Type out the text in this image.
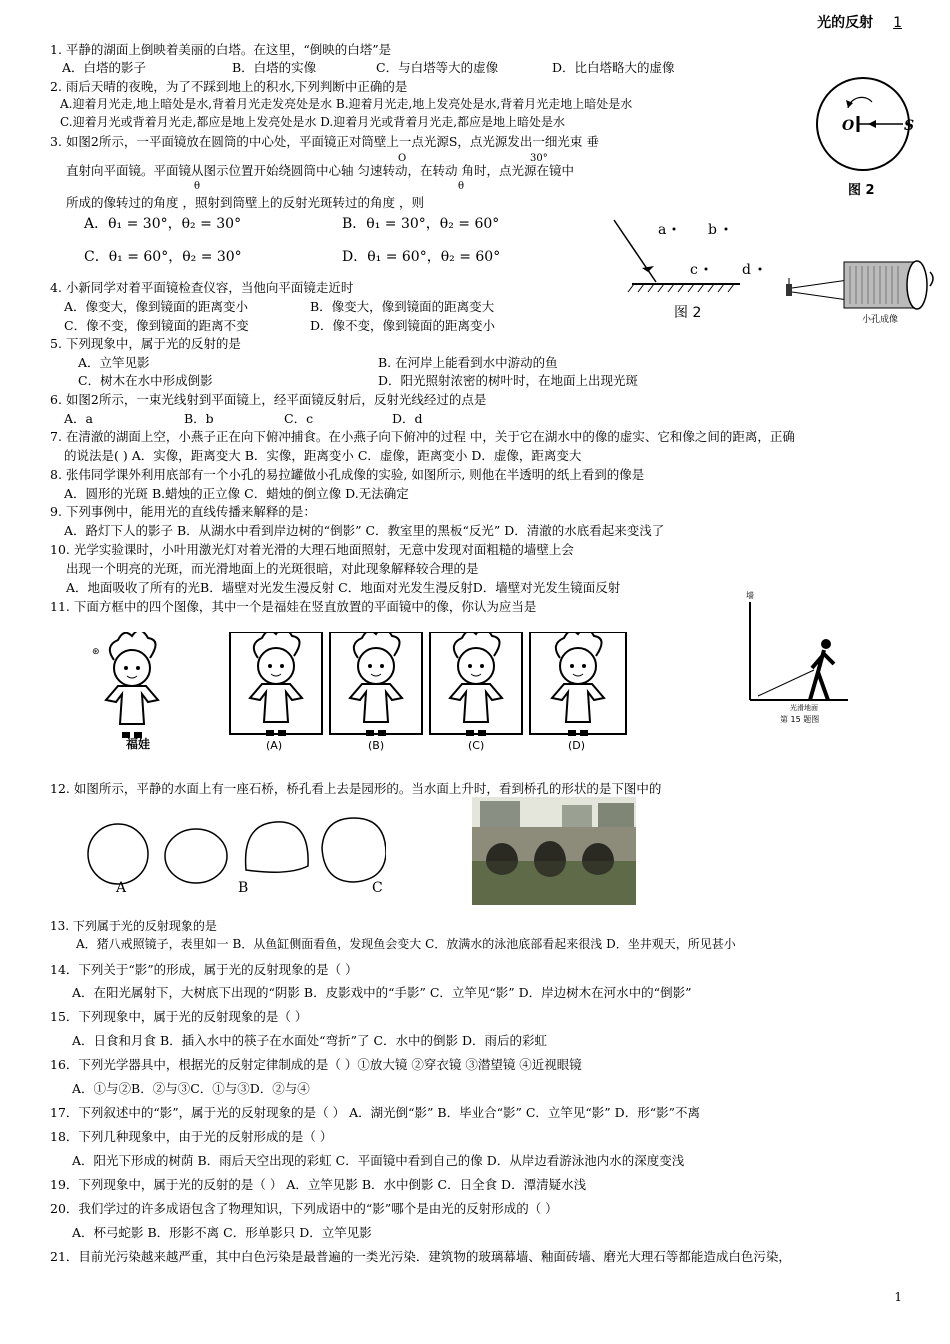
光的反射 1
1. 平静的湖面上倒映着美丽的白塔。在这里，“倒映的白塔”是
A．白塔的影子	B．白塔的实像	C．与白塔等大的虚像	D．比白塔略大的虚像
2. 雨后天晴的夜晚，为了不踩到地上的积水,下列判断中正确的是
A.迎着月光走,地上暗处是水,背着月光走发亮处是水 B.迎着月光走,地上发亮处是水,背着月光走地上暗处是水
C.迎着月光或背着月光走,都应是地上发亮处是水 D.迎着月光或背着月光走,都应是地上暗处是水
3. 如图2所示，一平面镜放在圆筒的中心处，平面镜正对筒壁上一点光源S，点光源发出一细光束 垂
直射向平面镜。平面镜从图示位置开始绕圆筒中心轴 匀速转动，在转动 角时，点光源在镜中
O	30°
所成的像转过的角度 ，照射到筒壁上的反射光斑转过的角度 ，则
θ	θ
A．θ₁ = 30°，θ₂ = 30°	B．θ₁ = 30°，θ₂ = 60°
C．θ₁ = 60°，θ₂ = 30°	D．θ₁ = 60°，θ₂ = 60°
O	S
图 2
a	b
c	d
图 2	小孔成像
4. 小新同学对着平面镜检查仪容，当他向平面镜走近时
A．像变大，像到镜面的距离变小	B．像变大，像到镜面的距离变大
C．像不变，像到镜面的距离不变	D．像不变，像到镜面的距离变小
5. 下列现象中，属于光的反射的是
A．立竿见影	B. 在河岸上能看到水中游动的鱼
C．树木在水中形成倒影	D．阳光照射浓密的树叶时，在地面上出现光斑
6. 如图2所示，一束光线射到平面镜上，经平面镜反射后，反射光线经过的点是
A．a	B．b	C．c	D．d
7. 在清澈的湖面上空，小燕子正在向下俯冲捕食。在小燕子向下俯冲的过程 中，关于它在湖水中的像的虚实、它和像之间的距离，正确
的说法是( ) A．实像，距离变大 B．实像，距离变小 C．虚像，距离变小 D．虚像，距离变大
8. 张伟同学课外利用底部有一个小孔的易拉罐做小孔成像的实验, 如图所示, 则他在半透明的纸上看到的像是
A．圆形的光斑 B.蜡烛的正立像 C．蜡烛的倒立像 D.无法确定
9. 下列事例中，能用光的直线传播来解释的是：
A．路灯下人的影子 B．从湖水中看到岸边树的“倒影” C．教室里的黑板“反光” D．清澈的水底看起来变浅了
10. 光学实验课时，小叶用激光灯对着光滑的大理石地面照射，无意中发现对面粗糙的墙壁上会
出现一个明亮的光斑，而光滑地面上的光斑很暗，对此现象解释较合理的是
A．地面吸收了所有的光B．墙壁对光发生漫反射 C．地面对光发生漫反射D．墙壁对光发生镜面反射
11. 下面方框中的四个图像，其中一个是福娃在竖直放置的平面镜中的像，你认为应当是
⊛
福娃	(A)	(B)	(C)	(D)
墙
光滑地面
第 15 题图
12. 如图所示，平静的水面上有一座石桥，桥孔看上去是园形的。当水面上升时，看到桥孔的形状的是下图中的
A	B	C
13. 下列属于光的反射现象的是
A．猪八戒照镜子，表里如一 B．从鱼缸侧面看鱼，发现鱼会变大 C．放满水的泳池底部看起来很浅 D．坐井观天，所见甚小
14．下列关于“影”的形成，属于光的反射现象的是（ ）
A．在阳光属射下，大树底下出现的“阴影 B．皮影戏中的“手影” C．立竿见“影” D．岸边树木在河水中的“倒影”
15．下列现象中，属于光的反射现象的是（ ）
A．日食和月食 B．插入水中的筷子在水面处“弯折”了 C．水中的倒影 D．雨后的彩虹
16．下列光学器具中，根据光的反射定律制成的是（ ）①放大镜 ②穿衣镜 ③潜望镜 ④近视眼镜
A．①与②B．②与③C．①与③D．②与④
17．下列叙述中的“影”，属于光的反射现象的是（ ） A．湖光倒“影” B．毕业合“影” C．立竿见“影” D．形“影”不离
18．下列几种现象中，由于光的反射形成的是（ ）
A．阳光下形成的树荫 B．雨后天空出现的彩虹 C．平面镜中看到自己的像 D．从岸边看游泳池内水的深度变浅
19．下列现象中，属于光的反射的是（ ） A．立竿见影 B．水中倒影 C．日全食 D．潭清疑水浅
20．我们学过的许多成语包含了物理知识，下列成语中的“影”哪个是由光的反射形成的（ ）
A．杯弓蛇影 B．形影不离 C．形单影只 D．立竿见影
21．目前光污染越来越严重，其中白色污染是最普遍的一类光污染．建筑物的玻璃幕墙、釉面砖墙、磨光大理石等都能造成白色污染，
1
